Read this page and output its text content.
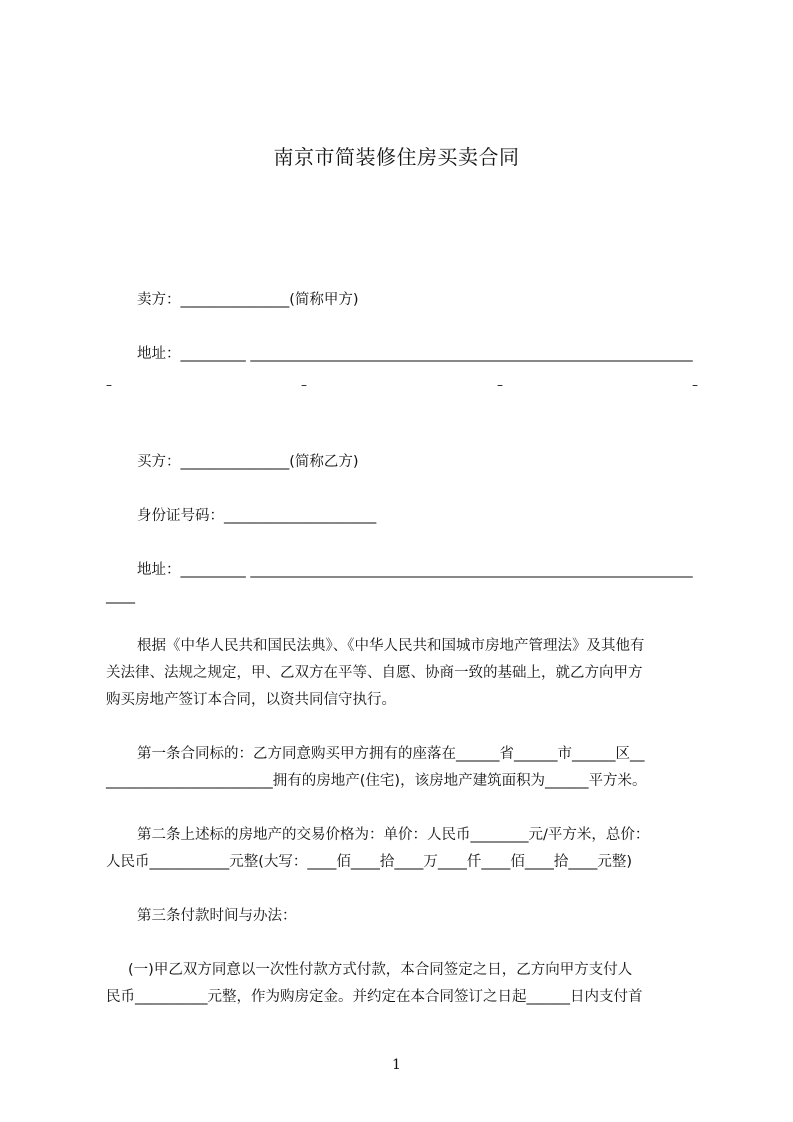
南京市简装修住房买卖合同
卖方：_______________(简称甲方)
地址：_________ _____________________________________________________________
–	–	–	–
买方：_______________(简称乙方)
身份证号码：_____________________
地址：_________ _____________________________________________________________
____
根据《中华人民共和国民法典》、《中华人民共和国城市房地产管理法》及其他有
关法律、法规之规定，甲、乙双方在平等、自愿、协商一致的基础上，就乙方向甲方
购买房地产签订本合同，以资共同信守执行。
第一条合同标的：乙方同意购买甲方拥有的座落在______省______市______区__
_______________________拥有的房地产(住宅)，该房地产建筑面积为______平方米。
第二条上述标的房地产的交易价格为：单价：人民币________元/平方米，总价：
人民币___________元整(大写：____佰____拾____万____仟____佰____拾____元整)
第三条付款时间与办法：
(一)甲乙双方同意以一次性付款方式付款，本合同签定之日，乙方向甲方支付人
民币__________元整，作为购房定金。并约定在本合同签订之日起______日内支付首
1
